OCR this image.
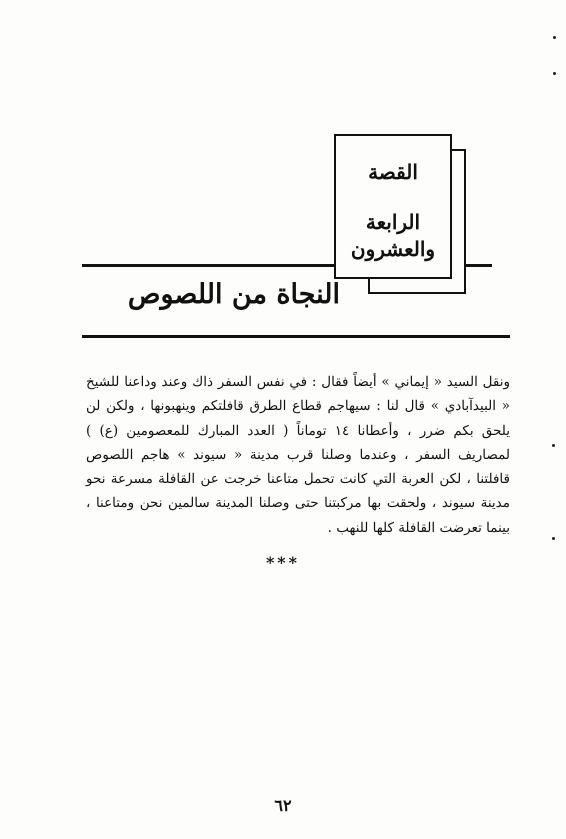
القصة
الرابعة
والعشرون
النجاة من اللصوص

ونقل السيد « إيماني » أيضاً فقال : في نفس السفر ذاك وعند وداعنا للشيخ « البيدآبادي » قال لنا : سيهاجم قطاع الطرق قافلتكم وينهبونها ، ولكن لن يلحق بكم ضرر ، وأعطانا ١٤ توماناً ( العدد المبارك للمعصومين (ع) ) لمصاريف السفر ، وعندما وصلنا قرب مدينة « سيوند » هاجم اللصوص قافلتنا ، لكن العربة التي كانت تحمل متاعنا خرجت عن القافلة مسرعة نحو مدينة سيوند ، ولحقت بها مركبتنا حتى وصلنا المدينة سالمين نحن ومتاعنا ، بينما تعرضت القافلة كلها للنهب .

***
٦٢
